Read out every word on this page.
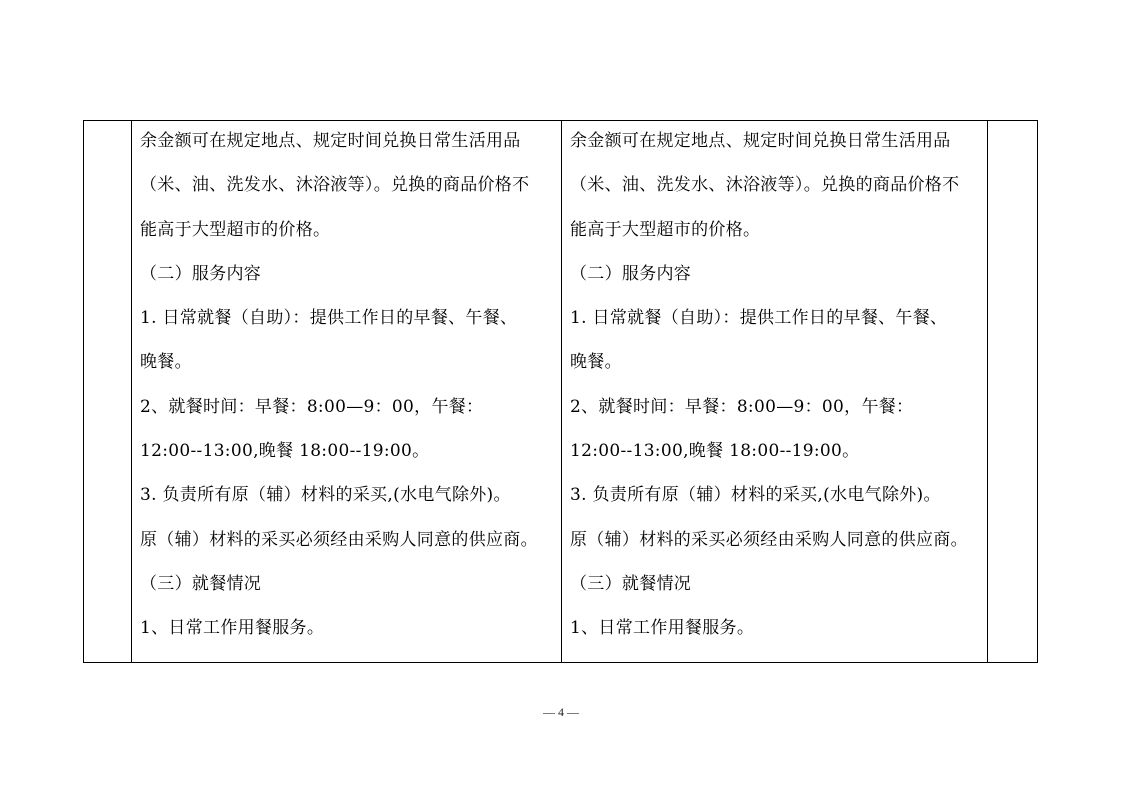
余金额可在规定地点、规定时间兑换日常生活用品
（米、油、洗发水、沐浴液等）。兑换的商品价格不
能高于大型超市的价格。
（二）服务内容
1. 日常就餐（自助）：提供工作日的早餐、午餐、
晚餐。
2、就餐时间：早餐：8:00—9：00，午餐：
12:00--13:00,晚餐 18:00--19:00。
3. 负责所有原（辅）材料的采买,(水电气除外)。
原（辅）材料的采买必须经由采购人同意的供应商。
（三）就餐情况
1、日常工作用餐服务。

余金额可在规定地点、规定时间兑换日常生活用品
（米、油、洗发水、沐浴液等）。兑换的商品价格不
能高于大型超市的价格。
（二）服务内容
1. 日常就餐（自助）：提供工作日的早餐、午餐、
晚餐。
2、就餐时间：早餐：8:00—9：00，午餐：
12:00--13:00,晚餐 18:00--19:00。
3. 负责所有原（辅）材料的采买,(水电气除外)。
原（辅）材料的采买必须经由采购人同意的供应商。
（三）就餐情况
1、日常工作用餐服务。

— 4 —
